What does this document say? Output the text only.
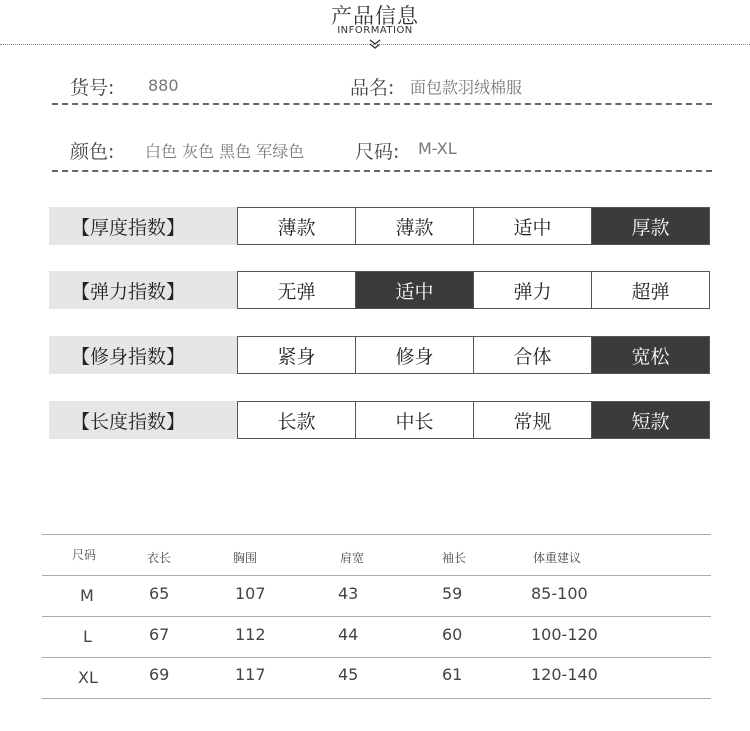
产品信息
INFORMATION
货号: 880	品名: 面包款羽绒棉服
颜色: 白色 灰色 黑色 军绿色	尺码: M-XL
【厚度指数】	薄款	薄款	适中	厚款
【弹力指数】	无弹	适中	弹力	超弹
【修身指数】	紧身	修身	合体	宽松
【长度指数】	长款	中长	常规	短款
尺码	衣长	胸围	肩宽	袖长	体重建议
M	65	107	43	59	85-100
L	67	112	44	60	100-120
XL	69	117	45	61	120-140
